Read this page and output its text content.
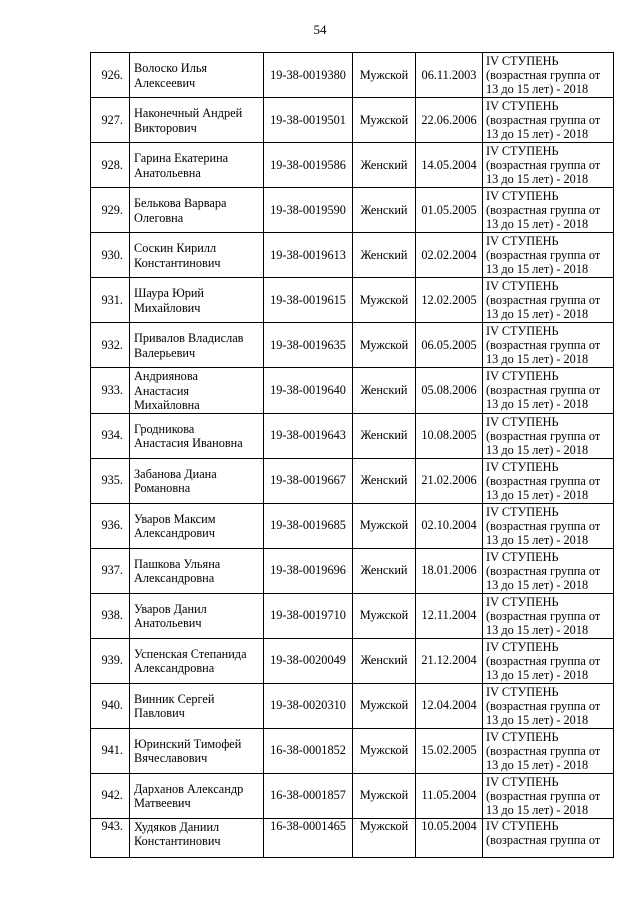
54
926.	Волоско Илья
Алексеевич	19-38-0019380	Мужской	06.11.2003	IV СТУПЕНЬ
(возрастная группа от
13 до 15 лет) - 2018

927.	Наконечный Андрей
Викторович	19-38-0019501	Мужской	22.06.2006	IV СТУПЕНЬ
(возрастная группа от
13 до 15 лет) - 2018

928.	Гарина Екатерина
Анатольевна	19-38-0019586	Женский	14.05.2004	IV СТУПЕНЬ
(возрастная группа от
13 до 15 лет) - 2018

929.	Белькова Варвара
Олеговна	19-38-0019590	Женский	01.05.2005	IV СТУПЕНЬ
(возрастная группа от
13 до 15 лет) - 2018

930.	Соскин Кирилл
Константинович	19-38-0019613	Женский	02.02.2004	IV СТУПЕНЬ
(возрастная группа от
13 до 15 лет) - 2018

931.	Шаура Юрий
Михайлович	19-38-0019615	Мужской	12.02.2005	IV СТУПЕНЬ
(возрастная группа от
13 до 15 лет) - 2018

932.	Привалов Владислав
Валерьевич	19-38-0019635	Мужской	06.05.2005	IV СТУПЕНЬ
(возрастная группа от
13 до 15 лет) - 2018

933.	Андриянова
Анастасия
Михайловна	19-38-0019640	Женский	05.08.2006	IV СТУПЕНЬ
(возрастная группа от
13 до 15 лет) - 2018

934.	Гродникова
Анастасия Ивановна	19-38-0019643	Женский	10.08.2005	IV СТУПЕНЬ
(возрастная группа от
13 до 15 лет) - 2018

935.	Забанова Диана
Романовна	19-38-0019667	Женский	21.02.2006	IV СТУПЕНЬ
(возрастная группа от
13 до 15 лет) - 2018

936.	Уваров Максим
Александрович	19-38-0019685	Мужской	02.10.2004	IV СТУПЕНЬ
(возрастная группа от
13 до 15 лет) - 2018

937.	Пашкова Ульяна
Александровна	19-38-0019696	Женский	18.01.2006	IV СТУПЕНЬ
(возрастная группа от
13 до 15 лет) - 2018

938.	Уваров Данил
Анатольевич	19-38-0019710	Мужской	12.11.2004	IV СТУПЕНЬ
(возрастная группа от
13 до 15 лет) - 2018

939.	Успенская Степанида
Александровна	19-38-0020049	Женский	21.12.2004	IV СТУПЕНЬ
(возрастная группа от
13 до 15 лет) - 2018

940.	Винник Сергей
Павлович	19-38-0020310	Мужской	12.04.2004	IV СТУПЕНЬ
(возрастная группа от
13 до 15 лет) - 2018

941.	Юринский Тимофей
Вячеславович	16-38-0001852	Мужской	15.02.2005	IV СТУПЕНЬ
(возрастная группа от
13 до 15 лет) - 2018

942.	Дарханов Александр
Матвеевич	16-38-0001857	Мужской	11.05.2004	IV СТУПЕНЬ
(возрастная группа от
13 до 15 лет) - 2018

943.	Худяков Даниил
Константинович	16-38-0001465	Мужской	10.05.2004	IV СТУПЕНЬ
(возрастная группа от
